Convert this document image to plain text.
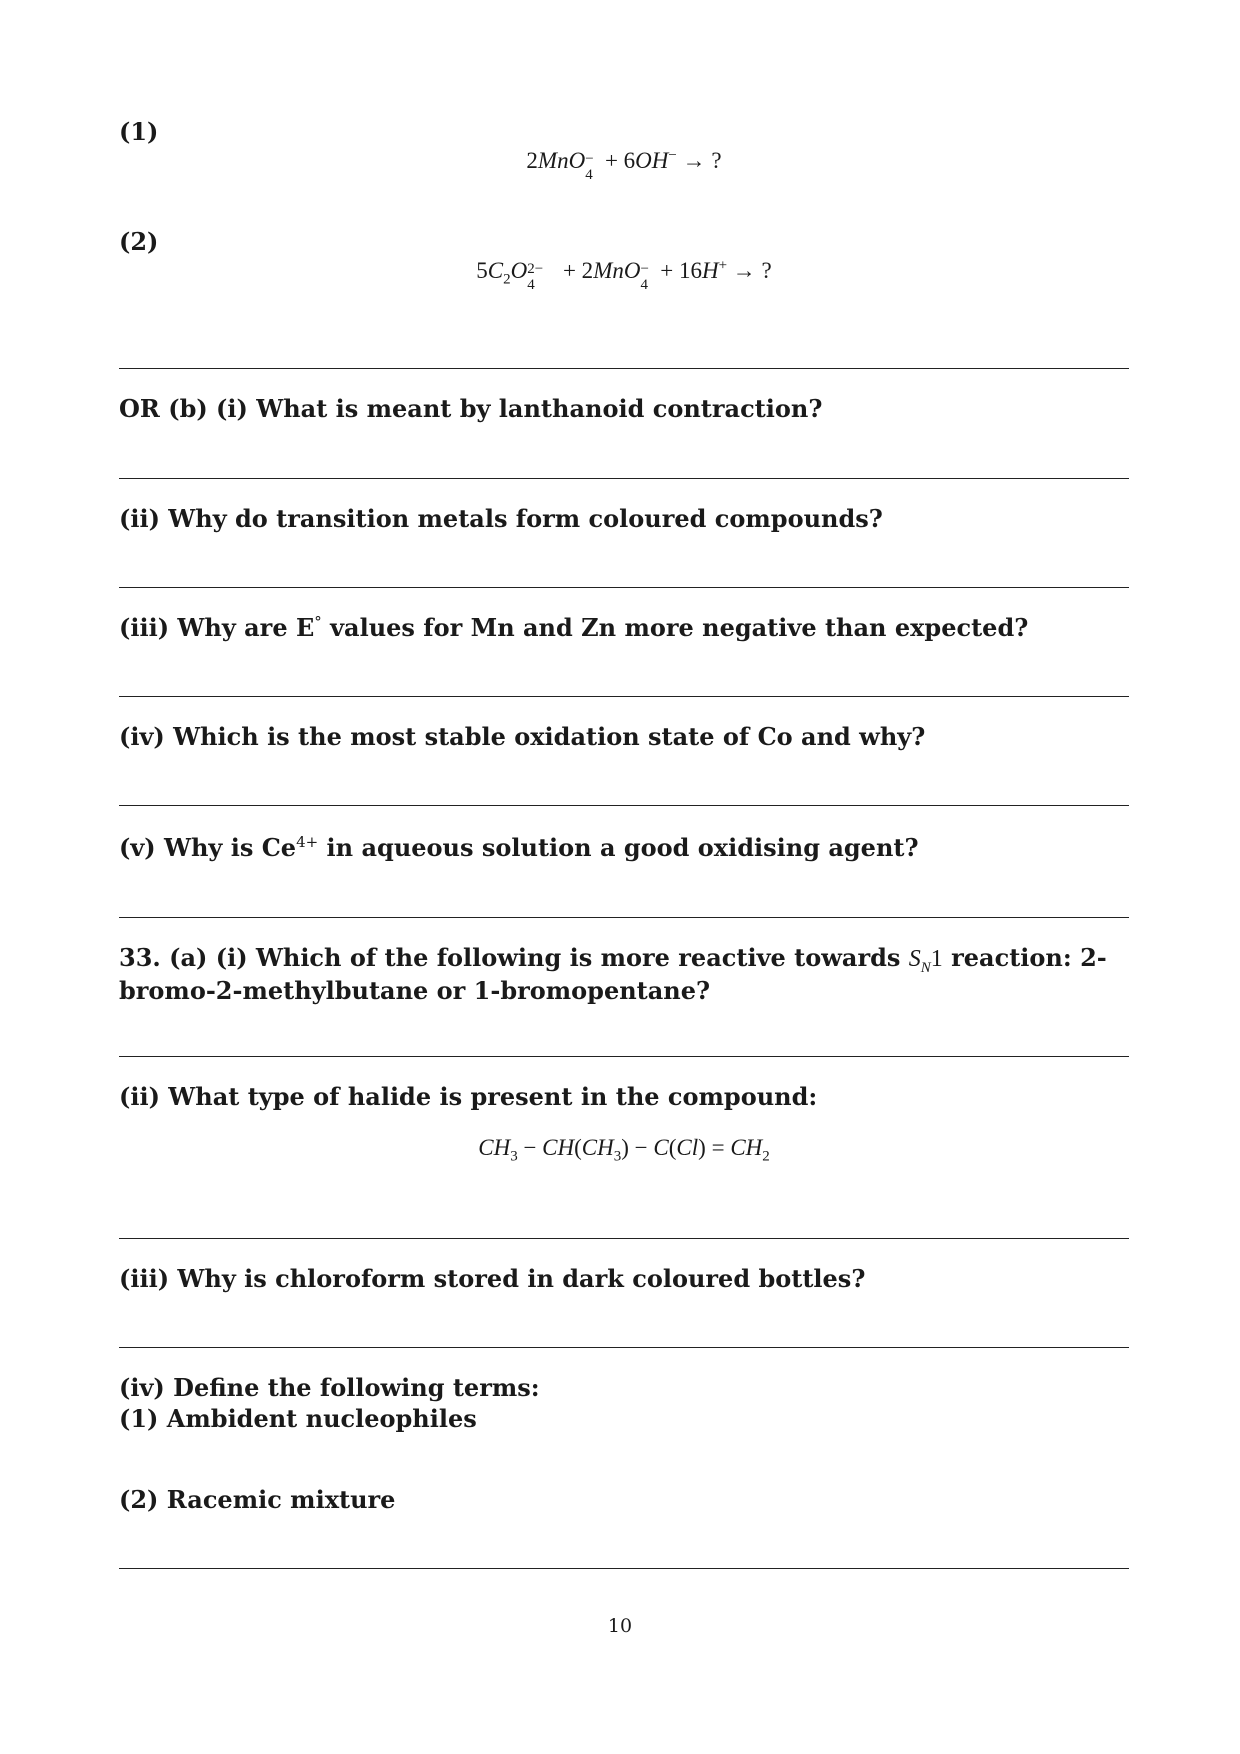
(1)
2MnO −
4
+ 6OH− → ?
(2)
$5C_2O$ 2−
4
+ 2MnO −
4
+ 16H+ → ?
OR (b) (i) What is meant by lanthanoid contraction?
(ii) Why do transition metals form coloured compounds?
(iii) Why are E° values for Mn and Zn more negative than expected?
(iv) Which is the most stable oxidation state of Co and why?
(v) Why is $Ce^{4+}$ in aqueous solution a good oxidising agent?
33. (a) (i) Which of the following is more reactive towards $S_N1$ reaction: 2-bromo-2-methylbutane or 1-bromopentane?
(ii) What type of halide is present in the compound:
$CH_3 - CH(CH_3) - C(Cl) = CH_2$
(iii) Why is chloroform stored in dark coloured bottles?
(iv) Define the following terms:
(1) Ambident nucleophiles
(2) Racemic mixture
10
